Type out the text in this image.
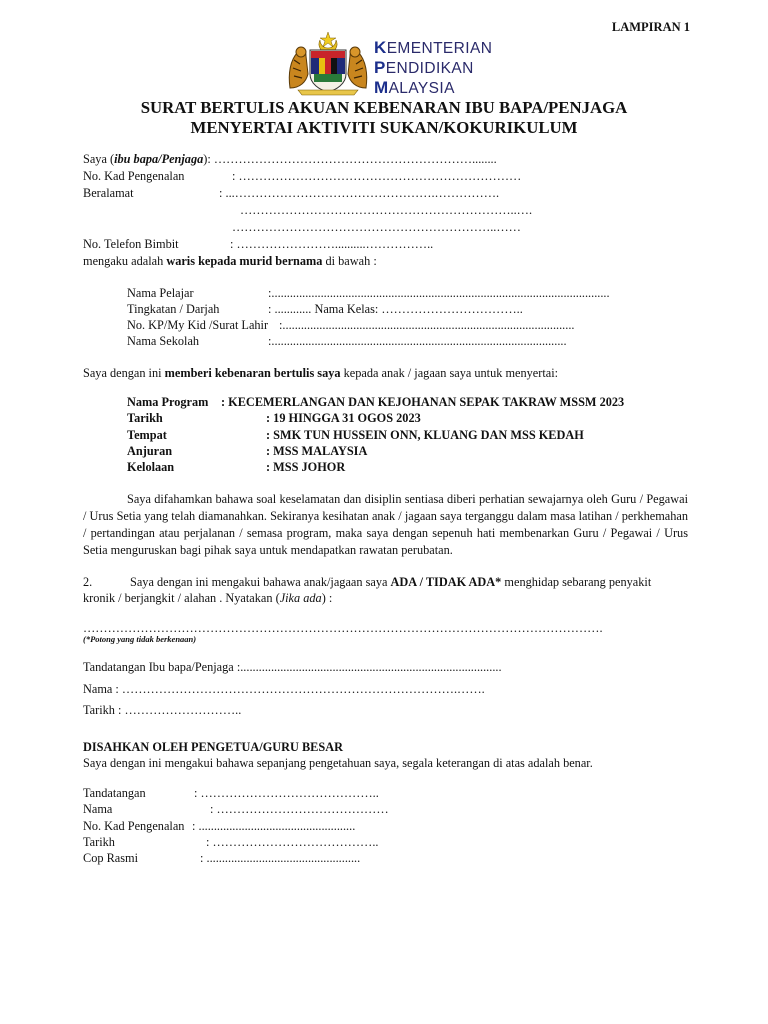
LAMPIRAN 1
KEMENTERIAN
PENDIDIKAN
MALAYSIA
SURAT BERTULIS AKUAN KEBENARAN IBU BAPA/PENJAGA
MENYERTAI AKTIVITI SUKAN/KOKURIKULUM
Saya (ibu bapa/Penjaga): ………………………………………………………........
No. Kad Pengenalan	: ……………………………………………………………
Beralamat	: ...………………………………………….…………….
…………………………………………………………..….
………………………………………………………..……
No. Telefon Bimbit	: ……………………..........……………..
mengaku adalah waris kepada murid bernama di bawah :
Nama Pelajar	:..............................................................................................................
Tingkatan / Darjah	: ............ Nama Kelas: ……………………………..
No. KP/My Kid /Surat Lahir :...............................................................................................
Nama Sekolah	:................................................................................................
Saya dengan ini memberi kebenaran bertulis saya kepada anak / jagaan saya untuk menyertai:
Nama Program : KECEMERLANGAN DAN KEJOHANAN SEPAK TAKRAW MSSM 2023
Tarikh	: 19 HINGGA 31 OGOS 2023
Tempat	: SMK TUN HUSSEIN ONN, KLUANG DAN MSS KEDAH
Anjuran	: MSS MALAYSIA
Kelolaan	: MSS JOHOR
Saya difahamkan bahawa soal keselamatan dan disiplin sentiasa diberi perhatian sewajarnya oleh Guru / Pegawai / Urus Setia yang telah diamanahkan. Sekiranya kesihatan anak / jagaan saya terganggu dalam masa latihan / perkhemahan / pertandingan atau perjalanan / semasa program, maka saya dengan sepenuh hati membenarkan Guru / Pegawai / Urus Setia menguruskan bagi pihak saya untuk mendapatkan rawatan perubatan.
2.	Saya dengan ini mengakui bahawa anak/jagaan saya ADA / TIDAK ADA* menghidap sebarang penyakit
kronik / berjangkit / alahan . Nyatakan (Jika ada) :
……………………………………………………………………………………………………………….
(*Potong yang tidak berkenaan)
Tandatangan Ibu bapa/Penjaga :.....................................................................................
Nama : ……………………………………………………………………….…….
Tarikh : ………………………..
DISAHKAN OLEH PENGETUA/GURU BESAR
Saya dengan ini mengakui bahawa sepanjang pengetahuan saya, segala keterangan di atas adalah benar.
Tandatangan	: ……………………………………..
Nama	: ……………………………………
No. Kad Pengenalan : ...................................................
Tarikh	: …………………………………..
Cop Rasmi	: ..................................................
